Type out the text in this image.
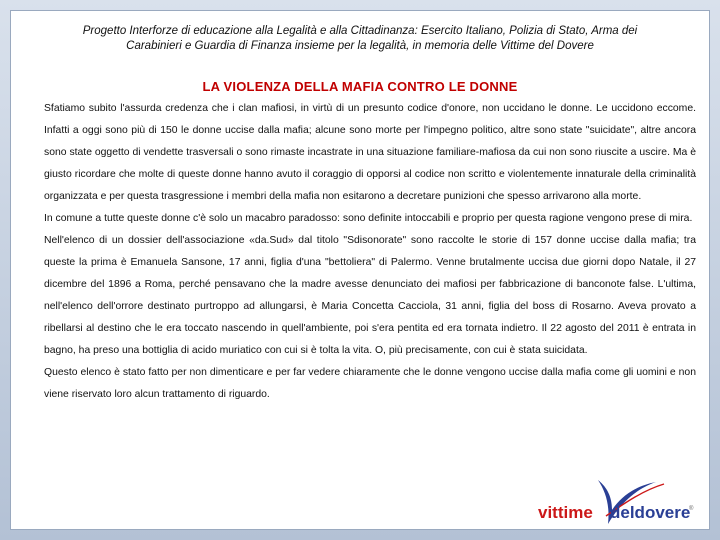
Progetto Interforze di educazione alla Legalità e alla Cittadinanza: Esercito Italiano, Polizia di Stato, Arma dei
Carabinieri e Guardia di Finanza insieme per la legalità, in memoria delle Vittime del Dovere
LA VIOLENZA DELLA MAFIA CONTRO LE DONNE

Sfatiamo subito l'assurda credenza che i clan mafiosi, in virtù di un presunto codice d'onore, non uccidano le donne. Le uccidono eccome. Infatti a oggi sono più di 150 le donne uccise dalla mafia; alcune sono morte per l'impegno politico, altre sono state "suicidate", altre ancora sono state oggetto di vendette trasversali o sono rimaste incastrate in una situazione familiare-mafiosa da cui non sono riuscite a uscire. Ma è giusto ricordare che molte di queste donne hanno avuto il coraggio di opporsi al codice non scritto e violentemente innaturale della criminalità organizzata e per questa trasgressione i membri della mafia non esitarono a decretare punizioni che spesso arrivarono alla morte.

In comune a tutte queste donne c'è solo un macabro paradosso: sono definite intoccabili e proprio per questa ragione vengono prese di mira.

Nell'elenco di un dossier dell'associazione «da.Sud» dal titolo "Sdisonorate" sono raccolte le storie di 157 donne uccise dalla mafia; tra queste la prima è Emanuela Sansone, 17 anni, figlia d'una "bettoliera" di Palermo. Venne brutalmente uccisa due giorni dopo Natale, il 27 dicembre del 1896 a Roma, perché pensavano che la madre avesse denunciato dei mafiosi per fabbricazione di banconote false. L'ultima, nell'elenco dell'orrore destinato purtroppo ad allungarsi, è Maria Concetta Cacciola, 31 anni, figlia del boss di Rosarno. Aveva provato a ribellarsi al destino che le era toccato nascendo in quell'ambiente, poi s'era pentita ed era tornata indietro. Il 22 agosto del 2011 è entrata in bagno, ha preso una bottiglia di acido muriatico con cui si è tolta la vita. O, più precisamente, con cui è stata suicidata.

Questo elenco è stato fatto per non dimenticare e per far vedere chiaramente che le donne vengono uccise dalla mafia come gli uomini e non viene riservato loro alcun trattamento di riguardo.

vittime deldovere
®
